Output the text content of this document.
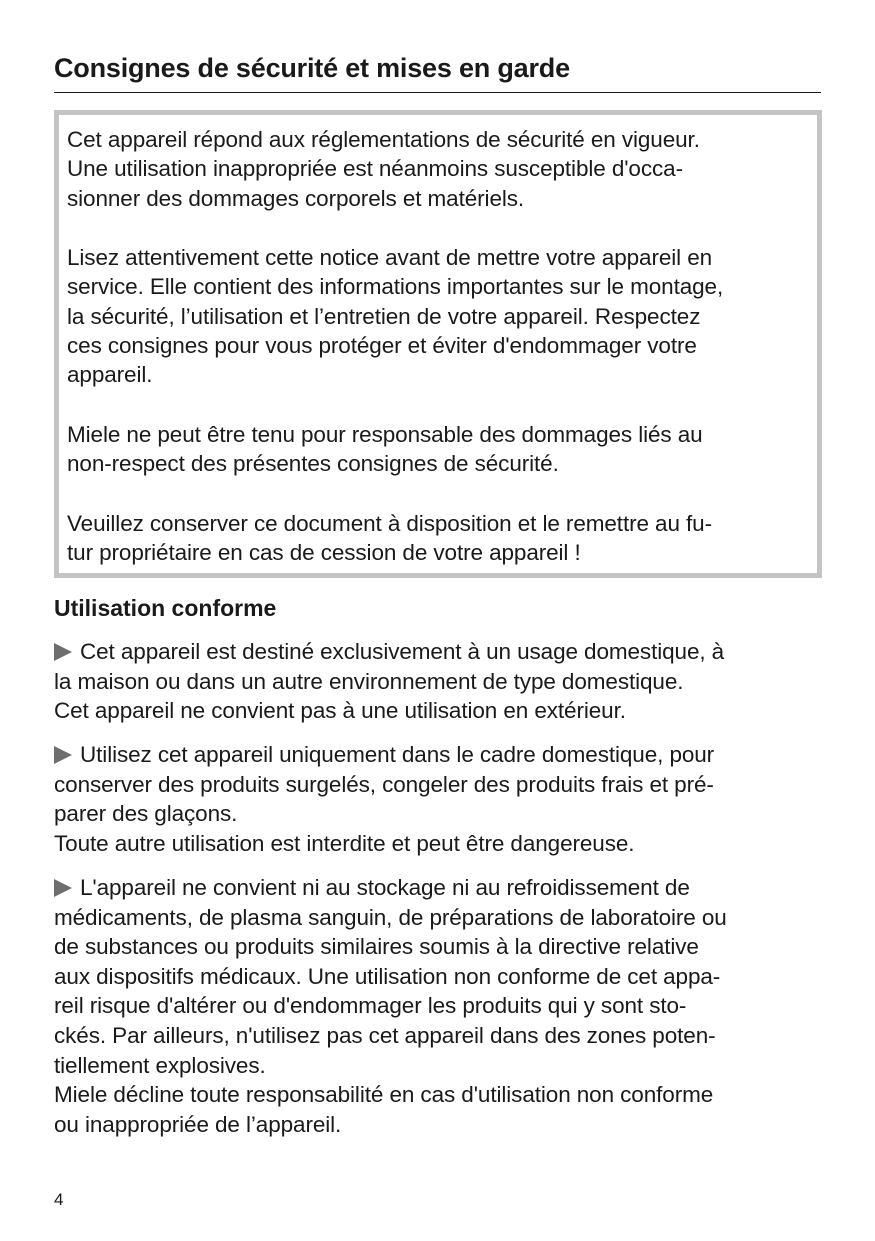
Consignes de sécurité et mises en garde

Cet appareil répond aux réglementations de sécurité en vigueur.
Une utilisation inappropriée est néanmoins susceptible d'occa-
sionner des dommages corporels et matériels.

Lisez attentivement cette notice avant de mettre votre appareil en
service. Elle contient des informations importantes sur le montage,
la sécurité, l’utilisation et l’entretien de votre appareil. Respectez
ces consignes pour vous protéger et éviter d'endommager votre
appareil.

Miele ne peut être tenu pour responsable des dommages liés au
non-respect des présentes consignes de sécurité.

Veuillez conserver ce document à disposition et le remettre au fu-
tur propriétaire en cas de cession de votre appareil !

Utilisation conforme

Cet appareil est destiné exclusivement à un usage domestique, à
la maison ou dans un autre environnement de type domestique.
Cet appareil ne convient pas à une utilisation en extérieur.

Utilisez cet appareil uniquement dans le cadre domestique, pour
conserver des produits surgelés, congeler des produits frais et pré-
parer des glaçons.
Toute autre utilisation est interdite et peut être dangereuse.

L'appareil ne convient ni au stockage ni au refroidissement de
médicaments, de plasma sanguin, de préparations de laboratoire ou
de substances ou produits similaires soumis à la directive relative
aux dispositifs médicaux. Une utilisation non conforme de cet appa-
reil risque d'altérer ou d'endommager les produits qui y sont sto-
ckés. Par ailleurs, n'utilisez pas cet appareil dans des zones poten-
tiellement explosives.
Miele décline toute responsabilité en cas d'utilisation non conforme
ou inappropriée de l’appareil.

4
